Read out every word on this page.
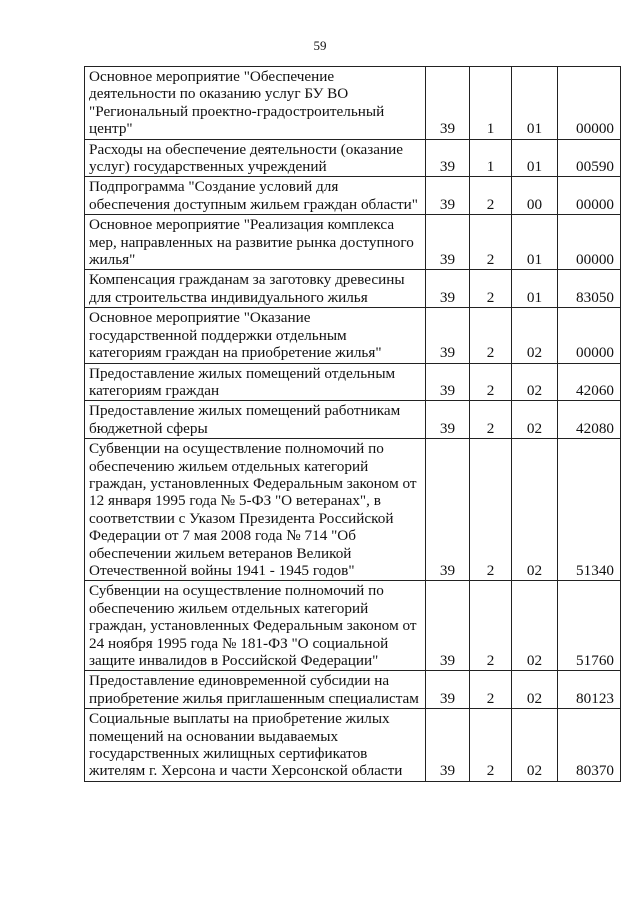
59
Основное мероприятие "Обеспечение деятельности по оказанию услуг БУ ВО "Региональный проектно-градостроительный центр"	39	1	01	00000
Расходы на обеспечение деятельности (оказание услуг) государственных учреждений	39	1	01	00590
Подпрограмма "Создание условий для обеспечения доступным жильем граждан области"	39	2	00	00000
Основное мероприятие "Реализация комплекса мер, направленных на развитие рынка доступного жилья"	39	2	01	00000
Компенсация гражданам за заготовку древесины для строительства индивидуального жилья	39	2	01	83050
Основное мероприятие "Оказание государственной поддержки отдельным категориям граждан на приобретение жилья"	39	2	02	00000
Предоставление жилых помещений отдельным категориям граждан	39	2	02	42060
Предоставление жилых помещений работникам бюджетной сферы	39	2	02	42080
Субвенции на осуществление полномочий по обеспечению жильем отдельных категорий граждан, установленных Федеральным законом от 12 января 1995 года № 5-ФЗ "О ветеранах", в соответствии с Указом Президента Российской Федерации от 7 мая 2008 года № 714 "Об обеспечении жильем ветеранов Великой Отечественной войны 1941 - 1945 годов"	39	2	02	51340
Субвенции на осуществление полномочий по обеспечению жильем отдельных категорий граждан, установленных Федеральным законом от 24 ноября 1995 года № 181-ФЗ "О социальной защите инвалидов в Российской Федерации"	39	2	02	51760
Предоставление единовременной субсидии на приобретение жилья приглашенным специалистам	39	2	02	80123
Социальные выплаты на приобретение жилых помещений на основании выдаваемых государственных жилищных сертификатов жителям г. Херсона и части Херсонской области	39	2	02	80370
